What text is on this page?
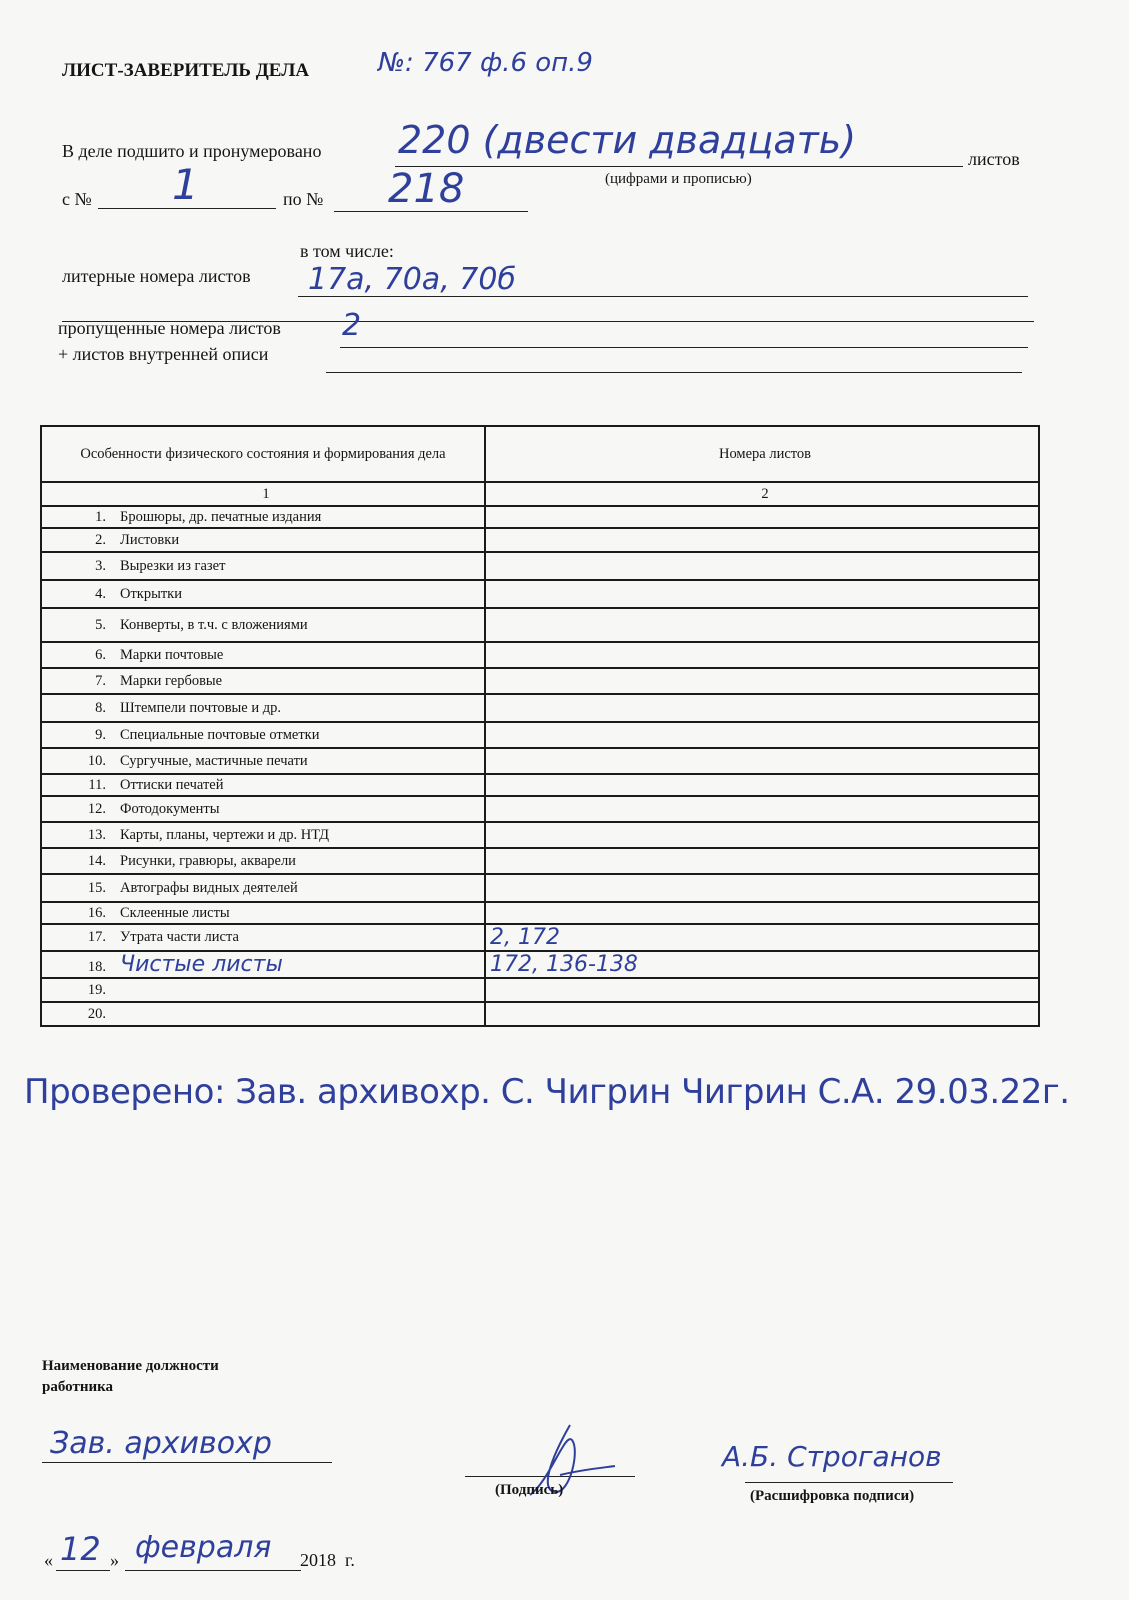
ЛИСТ-ЗАВЕРИТЕЛЬ ДЕЛА	№: 767 ф.6 оп.9
В деле подшито и пронумеровано 220 (двести двадцать)	листов
(цифрами и прописью)
с № 1	по № 218
в том числе:
литерные номера листов 17а, 70а, 70б
пропущенные номера листов 2
+ листов внутренней описи
Особенности физического состояния и формирования дела	Номера листов
1	2
1. Брошюры, др. печатные издания	
2. Листовки	
3. Вырезки из газет	
4. Открытки	
5. Конверты, в т.ч. с вложениями	
6. Марки почтовые	
7. Марки гербовые	
8. Штемпели почтовые и др.	
9. Специальные почтовые отметки	
10. Сургучные, мастичные печати	
11. Оттиски печатей	
12. Фотодокументы	
13. Карты, планы, чертежи и др. НТД	
14. Рисунки, гравюры, акварели	
15. Автографы видных деятелей	
16. Склеенные листы	
17. Утрата части листа	2, 172
18. Чистые листы	172, 136-138
19.	
20.	
Проверено: Зав. архивохр. С. Чигрин Чигрин С.А. 29.03.22г.
Наименование должности работника
Зав. архивохр
(Подпись)
А.Б. Строганов
(Расшифровка подписи)
« 12 » февраля 2018 г.
